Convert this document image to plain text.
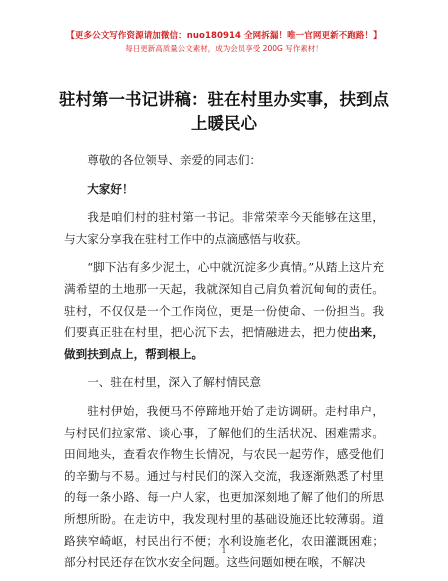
【更多公文写作资源请加微信：nuo180914 全网拆漏！唯一官网更新不跑路！】
每日更新高质量公文素材，成为会员享受 200G 写作素材！
驻村第一书记讲稿：驻在村里办实事，扶到点上暖民心

尊敬的各位领导、亲爱的同志们：

大家好！

我是咱们村的驻村第一书记。非常荣幸今天能够在这里，与大家分享我在驻村工作中的点滴感悟与收获。

“脚下沾有多少泥土，心中就沉淀多少真情。”从踏上这片充满希望的土地那一天起，我就深知自己肩负着沉甸甸的责任。驻村，不仅仅是一个工作岗位，更是一份使命、一份担当。我们要真正驻在村里，把心沉下去，把情融进去，把力使出来，做到扶到点上，帮到根上。

一、驻在村里，深入了解村情民意

驻村伊始，我便马不停蹄地开始了走访调研。走村串户，与村民们拉家常、谈心事，了解他们的生活状况、困难需求。田间地头，查看农作物生长情况，与农民一起劳作，感受他们的辛勤与不易。通过与村民们的深入交流，我逐渐熟悉了村里的每一条小路、每一户人家，也更加深刻地了解了他们的所思所想所盼。在走访中，我发现村里的基础设施还比较薄弱。道路狭窄崎岖，村民出行不便；水利设施老化，农田灌溉困难；部分村民还存在饮水安全问题。这些问题如梗在喉，不解决

1
